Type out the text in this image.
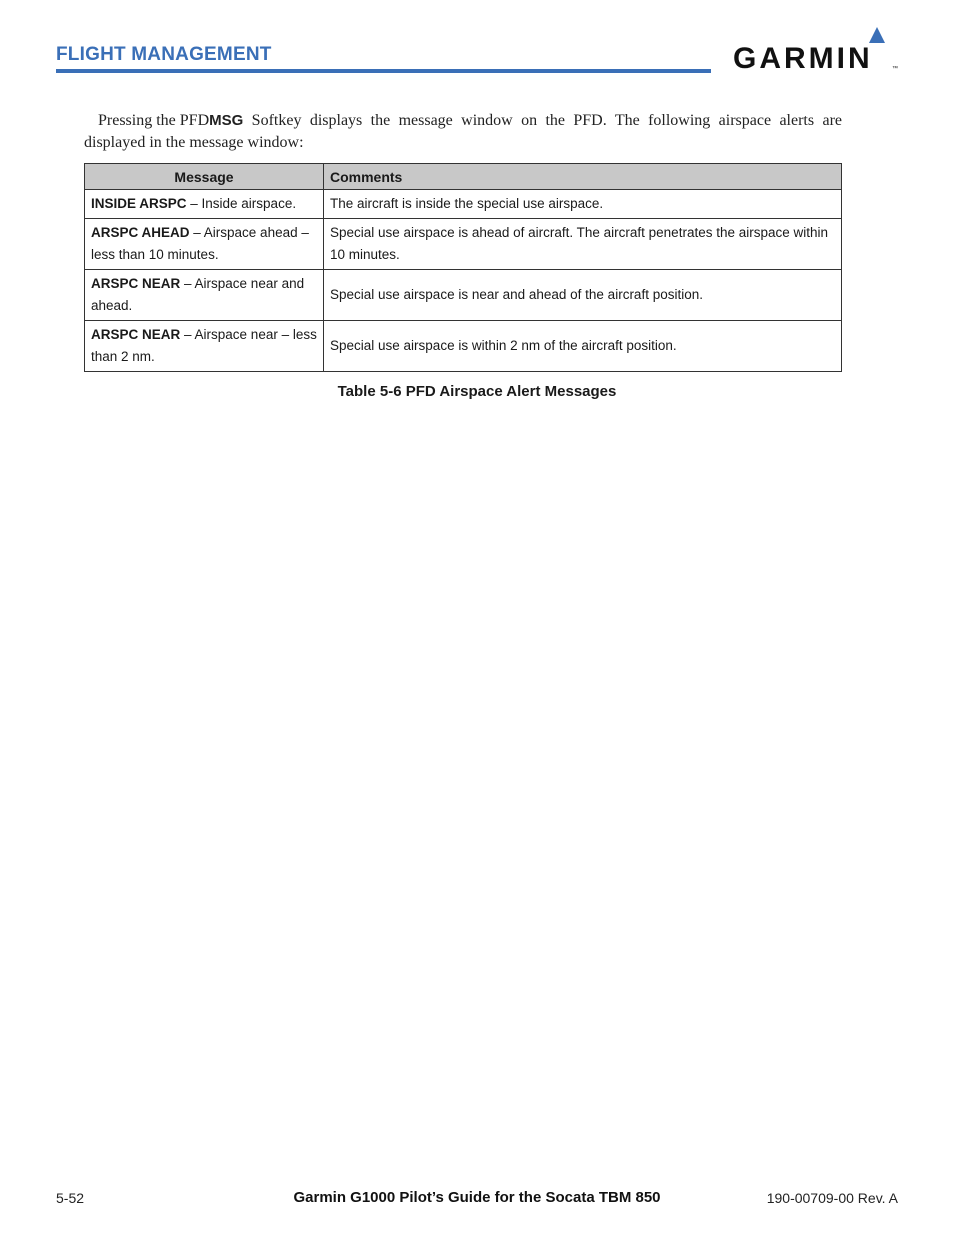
FLIGHT MANAGEMENT	GARMIN	™

Pressing the PFDMSG Softkey displays the message window on the PFD. The following airspace alerts are displayed in the message window:

Message	Comments
INSIDE ARSPC – Inside airspace.	The aircraft is inside the special use airspace.
ARSPC AHEAD – Airspace ahead – less than 10 minutes.	Special use airspace is ahead of aircraft. The aircraft penetrates the airspace within 10 minutes.
ARSPC NEAR – Airspace near and ahead.	Special use airspace is near and ahead of the aircraft position.
ARSPC NEAR – Airspace near – less than 2 nm.	Special use airspace is within 2 nm of the aircraft position.
Table 5-6 PFD Airspace Alert Messages
5-52	Garmin G1000 Pilot’s Guide for the Socata TBM 850	190-00709-00 Rev. A
